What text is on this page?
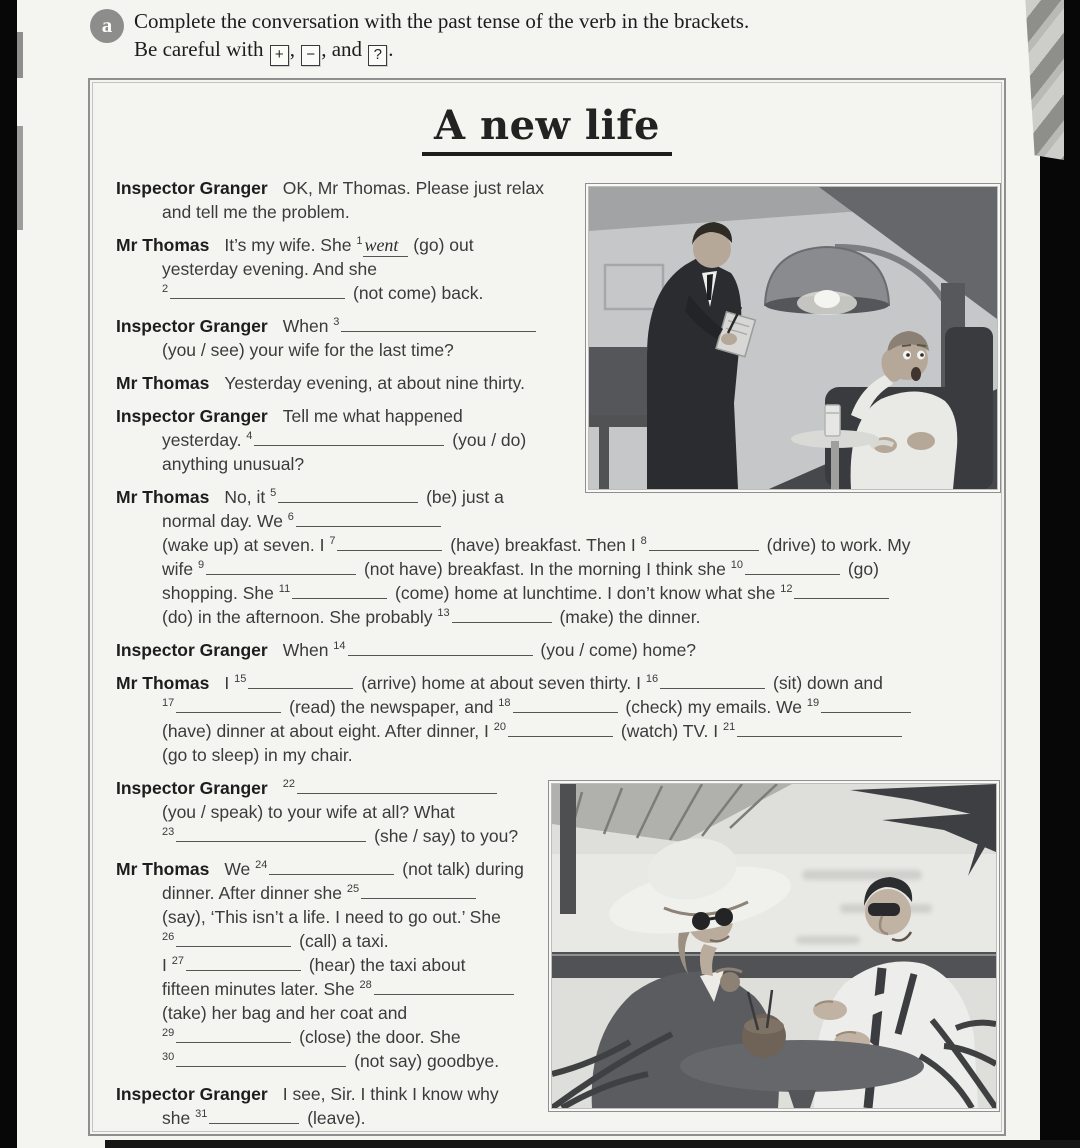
a	Complete the conversation with the past tense of the verb in the brackets.
Be careful with + , − , and ? .
A new life

Inspector Granger OK, Mr Thomas. Please just relax
and tell me the problem.

Mr Thomas It’s my wife. She $^1$ went (go) out
yesterday evening. And she
$^2$	(not come) back.

Inspector Granger When $^3$
(you / see) your wife for the last time?

Mr Thomas Yesterday evening, at about nine thirty.

Inspector Granger Tell me what happened
yesterday. $^4$	(you / do)
anything unusual?

Mr Thomas No, it $^5$	(be) just a
normal day. We $^6$
(wake up) at seven. I $^7$	(have) breakfast. Then I $^8$	(drive) to work. My
wife $^9$	(not have) breakfast. In the morning I think she $^{10}$	(go)
shopping. She $^{11}$	(come) home at lunchtime. I don’t know what she $^{12}$
(do) in the afternoon. She probably $^{13}$	(make) the dinner.

Inspector Granger When $^{14}$	(you / come) home?

Mr Thomas I $^{15}$	(arrive) home at about seven thirty. I $^{16}$	(sit) down and
$^{17}$	(read) the newspaper, and $^{18}$	(check) my emails. We $^{19}$
(have) dinner at about eight. After dinner, I $^{20}$	(watch) TV. I $^{21}$
(go to sleep) in my chair.

Inspector Granger $^{22}$
(you / speak) to your wife at all? What
$^{23}$	(she / say) to you?

Mr Thomas We $^{24}$	(not talk) during
dinner. After dinner she $^{25}$
(say), ‘This isn’t a life. I need to go out.’ She
$^{26}$	(call) a taxi.
I $^{27}$	(hear) the taxi about
fifteen minutes later. She $^{28}$
(take) her bag and her coat and
$^{29}$	(close) the door. She
$^{30}$	(not say) goodbye.

Inspector Granger I see, Sir. I think I know why
she $^{31}$	(leave).
